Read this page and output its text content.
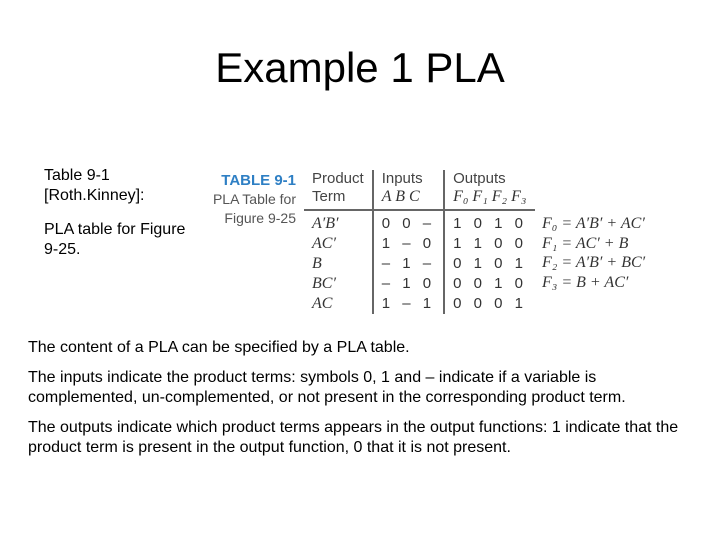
Example 1 PLA

Table 9-1 [Roth.Kinney]:

PLA table for Figure 9-25.

TABLE 9-1
PLA Table for
Figure 9-25
Product	Inputs	Outputs
Term	A B C	F₀ F₁ F₂ F₃
A′B′	0 0 –	1 0 1 0
AC′	1 – 0	1 1 0 0
B	– 1 –	0 1 0 1
BC′	– 1 0	0 0 1 0
AC	1 – 1	0 0 0 1
F₀ = A′B′ + AC′
F₁ = AC′ + B
F₂ = A′B′ + BC′
F₃ = B + AC′

The content of a PLA can be specified by a PLA table.

The inputs indicate the product terms: symbols 0, 1 and – indicate if a variable is complemented, un-complemented, or not present in the corresponding product term.

The outputs indicate which product terms appears in the output functions: 1 indicate that the product term is present in the output function, 0 that it is not present.
